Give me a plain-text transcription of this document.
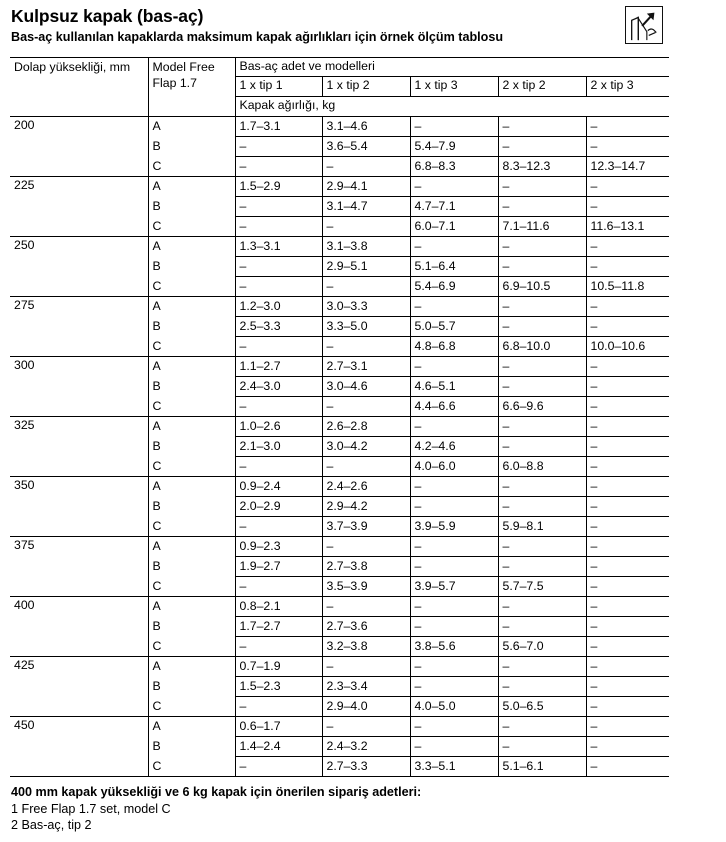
Kulpsuz kapak (bas-aç)
Bas-aç kullanılan kapaklarda maksimum kapak ağırlıkları için örnek ölçüm tablosu
Dolap yüksekliği, mm	Model Free Flap 1.7	Bas-aç adet ve modelleri				
		1 x tip 1	1 x tip 2	1 x tip 3	2 x tip 2	2 x tip 3
		Kapak ağırlığı, kg				
200	A	1.7–3.1	3.1–4.6	–	–	–
	B	–	3.6–5.4	5.4–7.9	–	–
	C	–	–	6.8–8.3	8.3–12.3	12.3–14.7
225	A	1.5–2.9	2.9–4.1	–	–	–
	B	–	3.1–4.7	4.7–7.1	–	–
	C	–	–	6.0–7.1	7.1–11.6	11.6–13.1
250	A	1.3–3.1	3.1–3.8	–	–	–
	B	–	2.9–5.1	5.1–6.4	–	–
	C	–	–	5.4–6.9	6.9–10.5	10.5–11.8
275	A	1.2–3.0	3.0–3.3	–	–	–
	B	2.5–3.3	3.3–5.0	5.0–5.7	–	–
	C	–	–	4.8–6.8	6.8–10.0	10.0–10.6
300	A	1.1–2.7	2.7–3.1	–	–	–
	B	2.4–3.0	3.0–4.6	4.6–5.1	–	–
	C	–	–	4.4–6.6	6.6–9.6	–
325	A	1.0–2.6	2.6–2.8	–	–	–
	B	2.1–3.0	3.0–4.2	4.2–4.6	–	–
	C	–	–	4.0–6.0	6.0–8.8	–
350	A	0.9–2.4	2.4–2.6	–	–	–
	B	2.0–2.9	2.9–4.2	–	–	–
	C	–	3.7–3.9	3.9–5.9	5.9–8.1	–
375	A	0.9–2.3	–	–	–	–
	B	1.9–2.7	2.7–3.8	–	–	–
	C	–	3.5–3.9	3.9–5.7	5.7–7.5	–
400	A	0.8–2.1	–	–	–	–
	B	1.7–2.7	2.7–3.6	–	–	–
	C	–	3.2–3.8	3.8–5.6	5.6–7.0	–
425	A	0.7–1.9	–	–	–	–
	B	1.5–2.3	2.3–3.4	–	–	–
	C	–	2.9–4.0	4.0–5.0	5.0–6.5	–
450	A	0.6–1.7	–	–	–	–
	B	1.4–2.4	2.4–3.2	–	–	–
	C	–	2.7–3.3	3.3–5.1	5.1–6.1	–
400 mm kapak yüksekliği ve 6 kg kapak için önerilen sipariş adetleri:
1 Free Flap 1.7 set, model C
2 Bas-aç, tip 2
